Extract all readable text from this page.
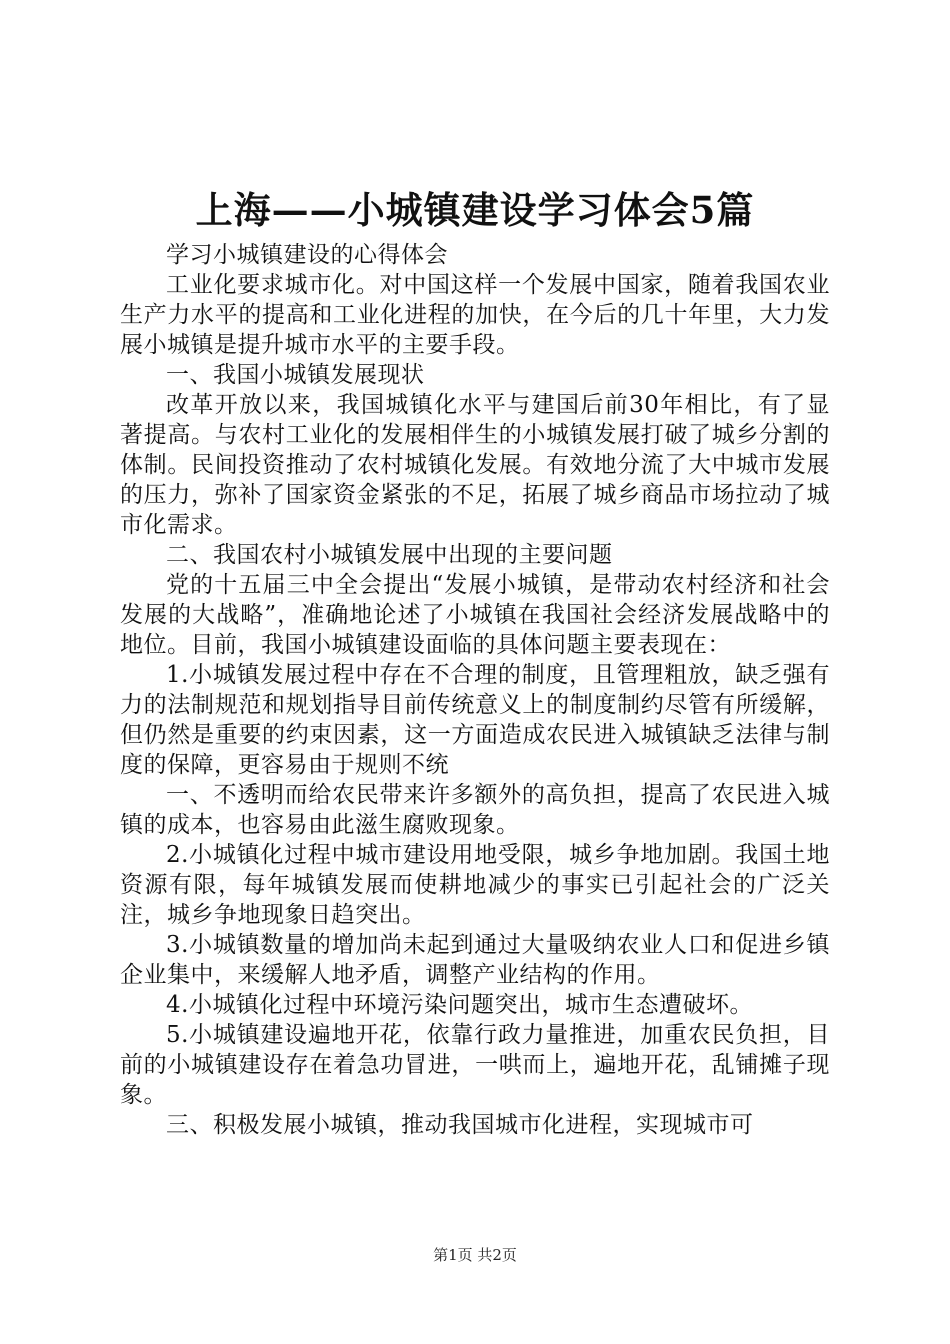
上海——小城镇建设学习体会5篇

学习小城镇建设的心得体会

工业化要求城市化。对中国这样一个发展中国家，随着我国农业生产力水平的提高和工业化进程的加快，在今后的几十年里，大力发展小城镇是提升城市水平的主要手段。

一、我国小城镇发展现状

改革开放以来，我国城镇化水平与建国后前30年相比，有了显著提高。与农村工业化的发展相伴生的小城镇发展打破了城乡分割的体制。民间投资推动了农村城镇化发展。有效地分流了大中城市发展的压力，弥补了国家资金紧张的不足，拓展了城乡商品市场拉动了城市化需求。

二、我国农村小城镇发展中出现的主要问题

党的十五届三中全会提出“发展小城镇，是带动农村经济和社会发展的大战略”，准确地论述了小城镇在我国社会经济发展战略中的地位。目前，我国小城镇建设面临的具体问题主要表现在：

1.小城镇发展过程中存在不合理的制度，且管理粗放，缺乏强有力的法制规范和规划指导目前传统意义上的制度制约尽管有所缓解，但仍然是重要的约束因素，这一方面造成农民进入城镇缺乏法律与制度的保障，更容易由于规则不统

一、不透明而给农民带来许多额外的高负担，提高了农民进入城镇的成本，也容易由此滋生腐败现象。

2.小城镇化过程中城市建设用地受限，城乡争地加剧。我国土地资源有限，每年城镇发展而使耕地减少的事实已引起社会的广泛关注，城乡争地现象日趋突出。

3.小城镇数量的增加尚未起到通过大量吸纳农业人口和促进乡镇企业集中，来缓解人地矛盾，调整产业结构的作用。

4.小城镇化过程中环境污染问题突出，城市生态遭破坏。

5.小城镇建设遍地开花，依靠行政力量推进，加重农民负担，目前的小城镇建设存在着急功冒进，一哄而上，遍地开花，乱铺摊子现象。

三、积极发展小城镇，推动我国城市化进程，实现城市可

第1页 共2页
